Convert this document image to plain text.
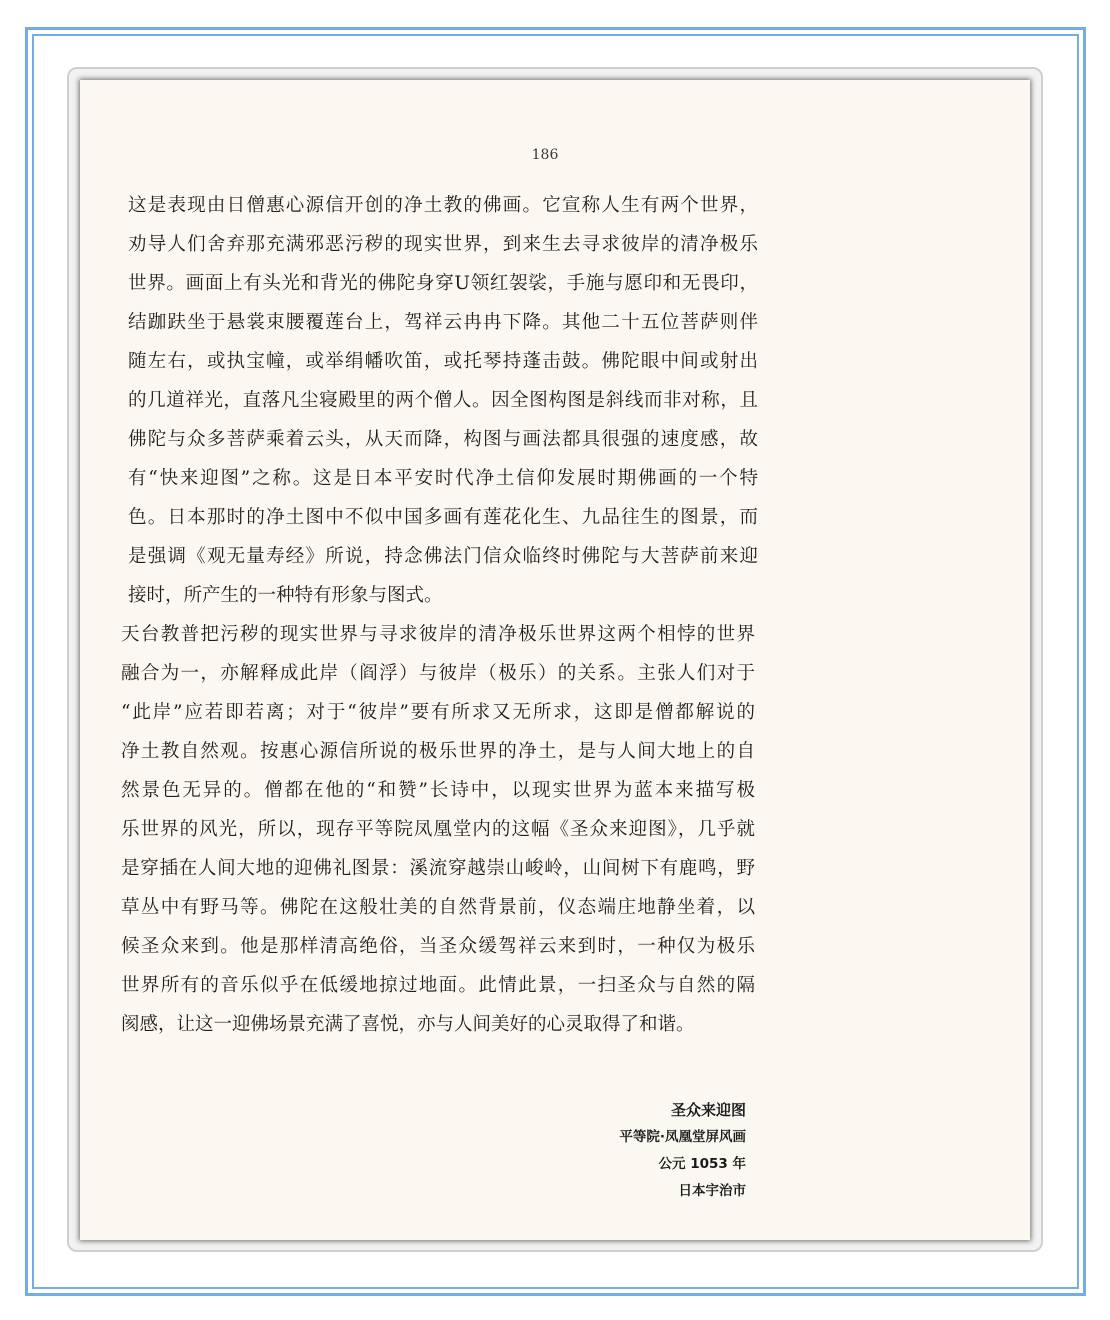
186
这是表现由日僧惠心源信开创的净土教的佛画。它宣称人生有两个世界，
劝导人们舍弃那充满邪恶污秽的现实世界，到来生去寻求彼岸的清净极乐
世界。画面上有头光和背光的佛陀身穿U领红袈裟，手施与愿印和无畏印，
结跏趺坐于悬裳束腰覆莲台上，驾祥云冉冉下降。其他二十五位菩萨则伴
随左右，或执宝幢，或举绢幡吹笛，或托琴持蓬击鼓。佛陀眼中间或射出
的几道祥光，直落凡尘寝殿里的两个僧人。因全图构图是斜线而非对称，且
佛陀与众多菩萨乘着云头，从天而降，构图与画法都具很强的速度感，故
有“快来迎图”之称。这是日本平安时代净土信仰发展时期佛画的一个特
色。日本那时的净土图中不似中国多画有莲花化生、九品往生的图景，而
是强调《观无量寿经》所说，持念佛法门信众临终时佛陀与大菩萨前来迎
接时，所产生的一种特有形象与图式。
天台教普把污秽的现实世界与寻求彼岸的清净极乐世界这两个相悖的世界
融合为一，亦解释成此岸（阎浮）与彼岸（极乐）的关系。主张人们对于
“此岸”应若即若离；对于“彼岸”要有所求又无所求，这即是僧都解说的
净土教自然观。按惠心源信所说的极乐世界的净土，是与人间大地上的自
然景色无异的。僧都在他的“和赞”长诗中，以现实世界为蓝本来描写极
乐世界的风光，所以，现存平等院凤凰堂内的这幅《圣众来迎图》，几乎就
是穿插在人间大地的迎佛礼图景：溪流穿越崇山峻岭，山间树下有鹿鸣，野
草丛中有野马等。佛陀在这般壮美的自然背景前，仪态端庄地静坐着，以
候圣众来到。他是那样清高绝俗，当圣众缓驾祥云来到时，一种仅为极乐
世界所有的音乐似乎在低缓地掠过地面。此情此景，一扫圣众与自然的隔
阂感，让这一迎佛场景充满了喜悦，亦与人间美好的心灵取得了和谐。
圣众来迎图
平等院·凤凰堂屏风画
公元 1053 年
日本宇治市
